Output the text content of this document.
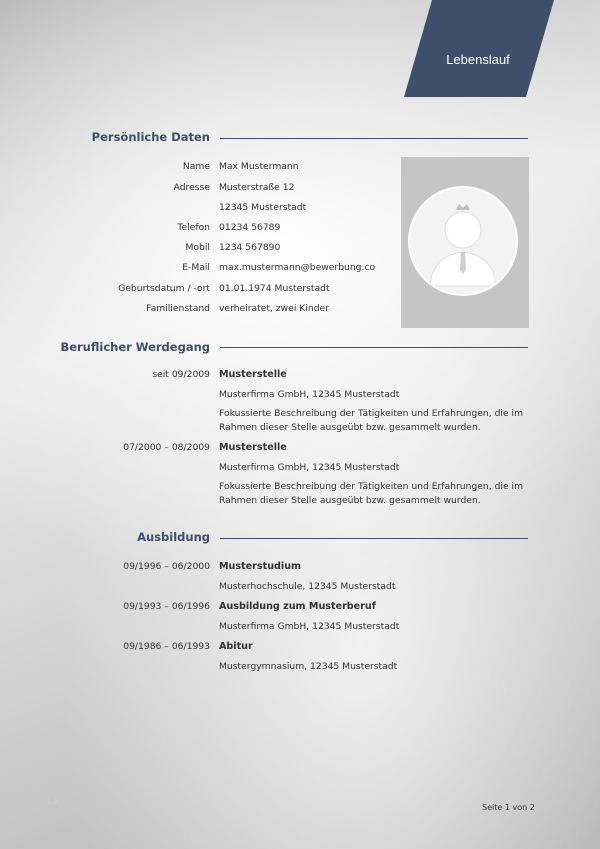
Lebenslauf
Persönliche Daten
Name Max Mustermann
Adresse Musterstraße 12
12345 Musterstadt
Telefon 01234 56789
Mobil 1234 567890
E-Mail max.mustermann@bewerbung.co
Geburtsdatum / -ort 01.01.1974 Musterstadt
Familienstand verheiratet, zwei Kinder
Beruflicher Werdegang
seit 09/2009 Musterstelle
Musterfirma GmbH, 12345 Musterstadt
Fokussierte Beschreibung der Tätigkeiten und Erfahrungen, die im Rahmen dieser Stelle ausgeübt bzw. gesammelt wurden.
07/2000 – 08/2009 Musterstelle
Musterfirma GmbH, 12345 Musterstadt
Fokussierte Beschreibung der Tätigkeiten und Erfahrungen, die im Rahmen dieser Stelle ausgeübt bzw. gesammelt wurden.
Ausbildung
09/1996 – 06/2000 Musterstudium
Musterhochschule, 12345 Musterstadt
09/1993 – 06/1996 Ausbildung zum Musterberuf
Musterfirma GmbH, 12345 Musterstadt
09/1986 – 06/1993 Abitur
Mustergymnasium, 12345 Musterstadt
hit.a
Seite 1 von 2
